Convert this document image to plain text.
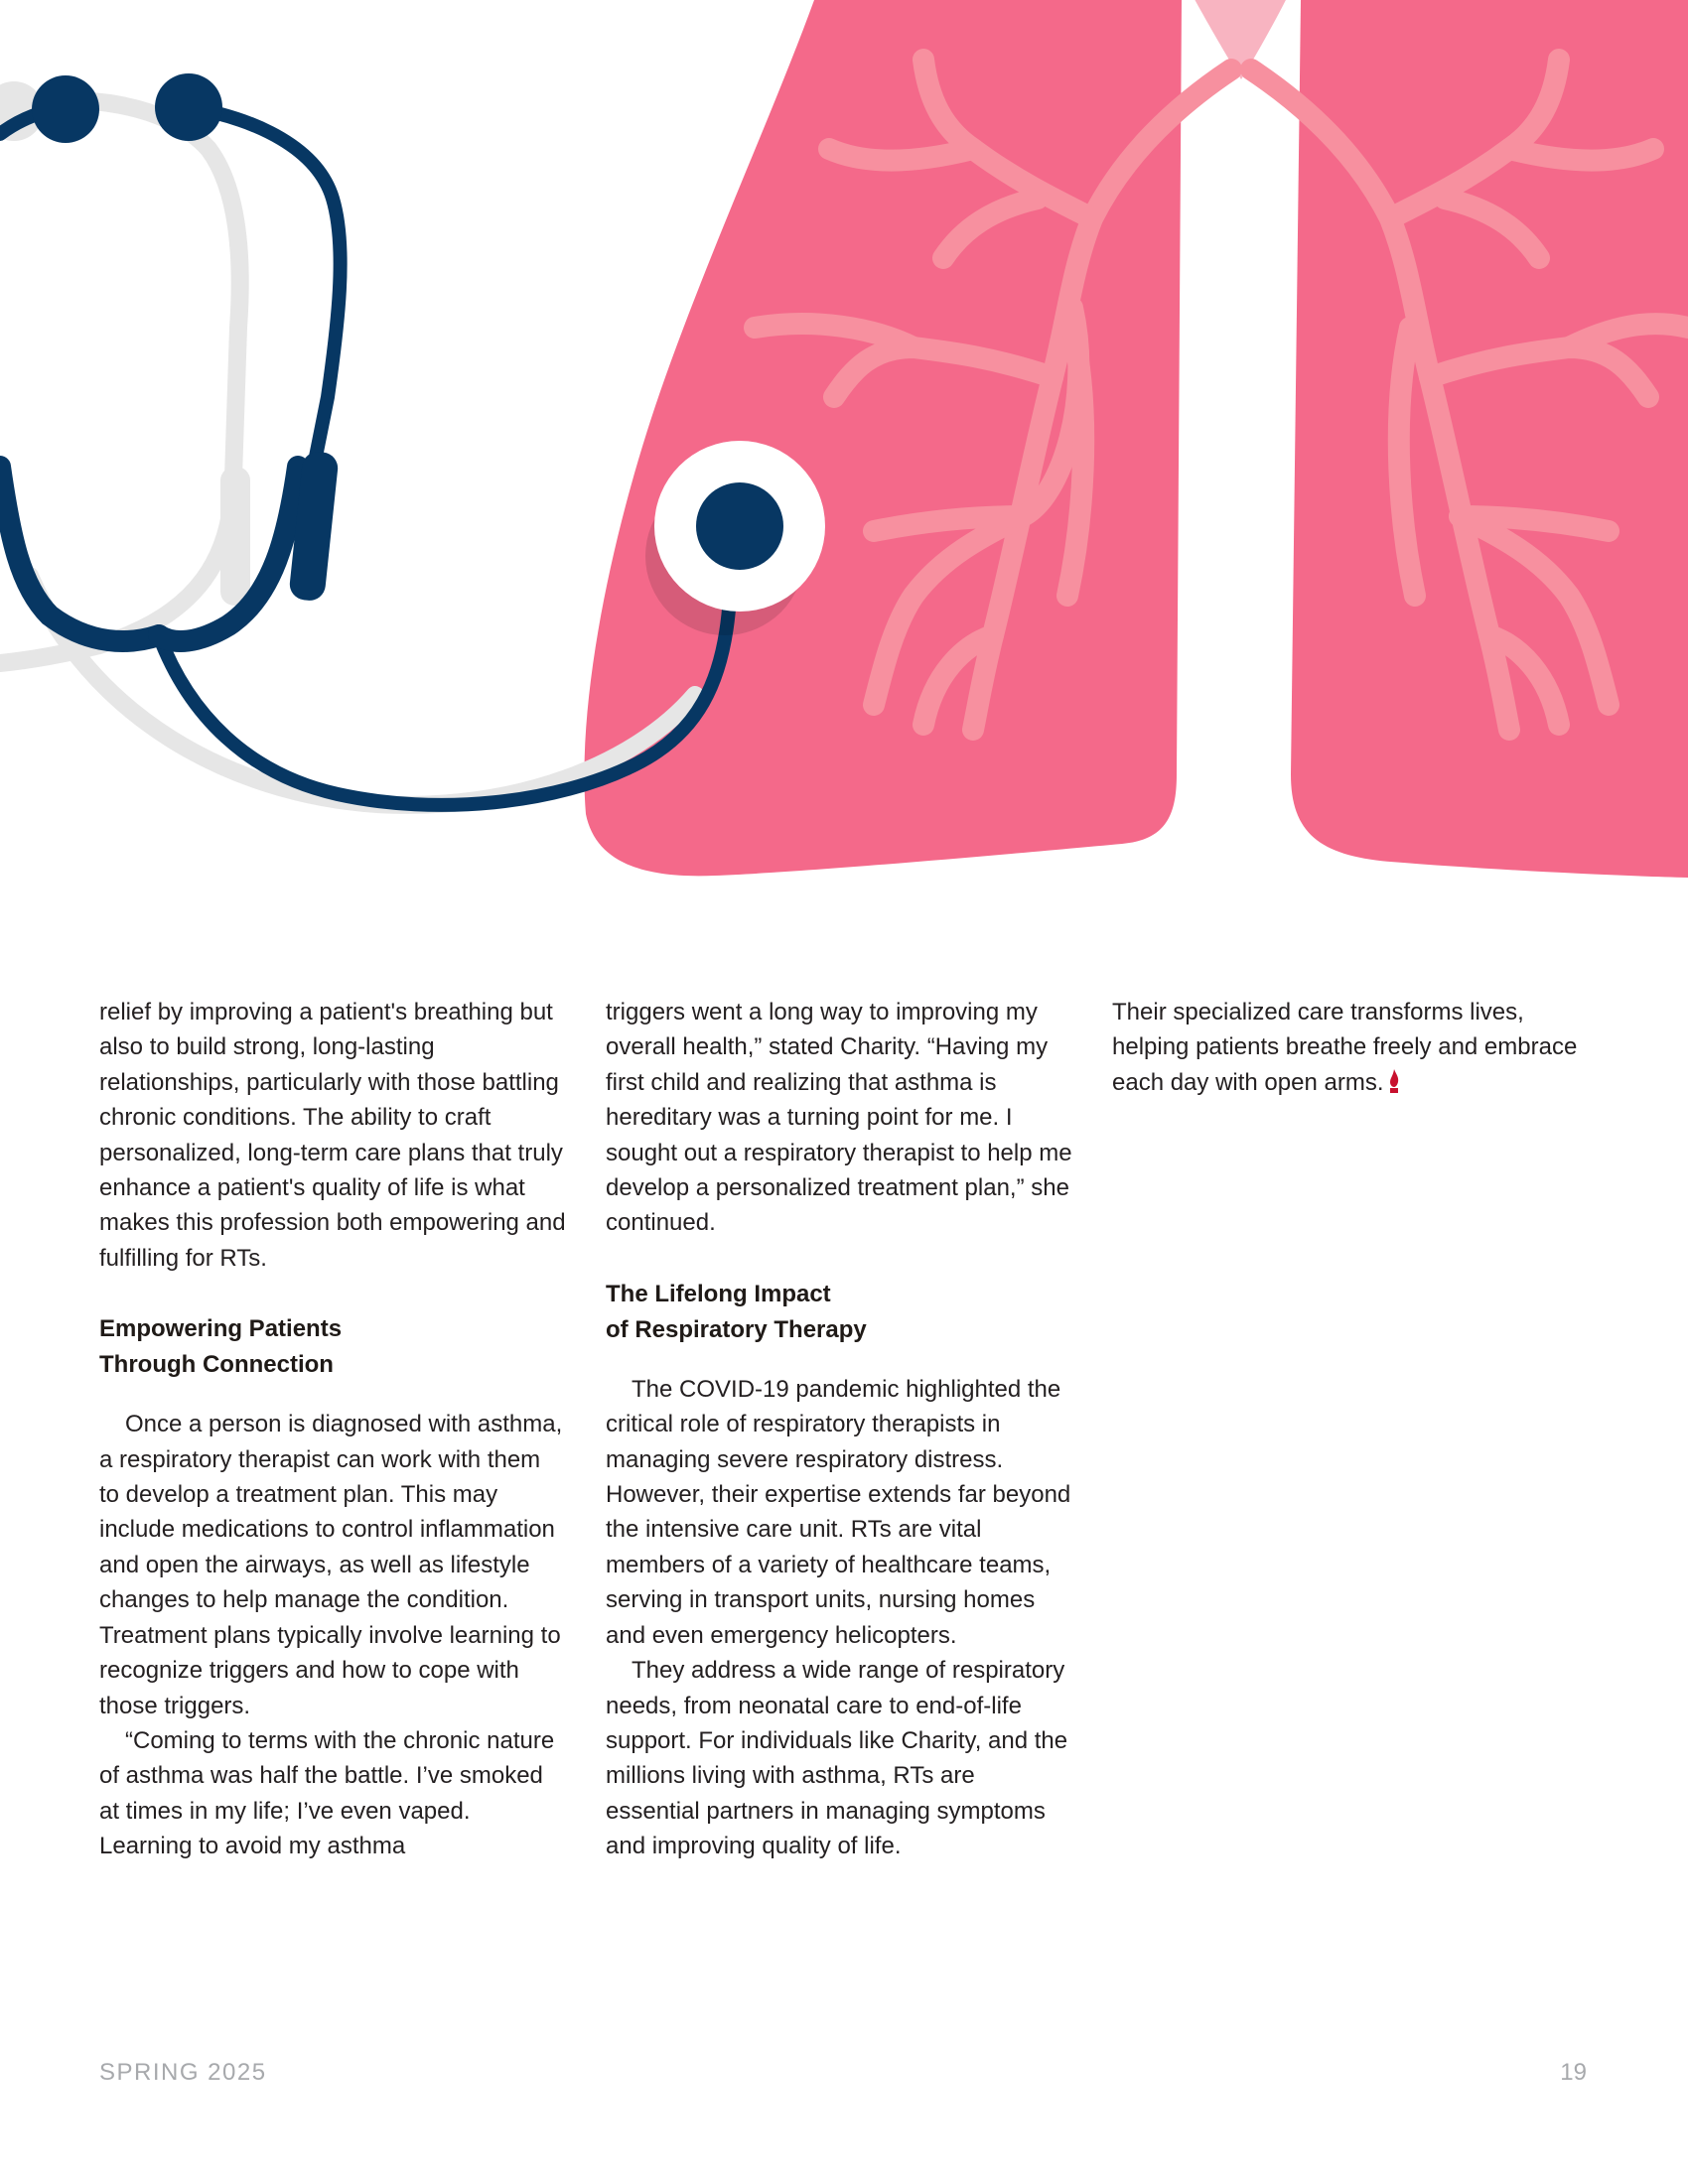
relief by improving a patient's breathing but also to build strong, long-lasting relationships, particularly with those battling chronic conditions. The ability to craft personalized, long-term care plans that truly enhance a patient's quality of life is what makes this profession both empowering and fulfilling for RTs.

Empowering Patients
Through Connection

Once a person is diagnosed with asthma, a respiratory therapist can work with them to develop a treatment plan. This may include medications to control inflammation and open the airways, as well as lifestyle changes to help manage the condition. Treatment plans typically involve learning to recognize triggers and how to cope with those triggers.

“Coming to terms with the chronic nature of asthma was half the battle. I’ve smoked at times in my life; I’ve even vaped. Learning to avoid my asthma

triggers went a long way to improving my overall health,” stated Charity. “Having my first child and realizing that asthma is hereditary was a turning point for me. I sought out a respiratory therapist to help me develop a personalized treatment plan,” she continued.

The Lifelong Impact
of Respiratory Therapy

The COVID-19 pandemic highlighted the critical role of respiratory therapists in managing severe respiratory distress. However, their expertise extends far beyond the intensive care unit. RTs are vital members of a variety of healthcare teams, serving in transport units, nursing homes and even emergency helicopters.

They address a wide range of respiratory needs, from neonatal care to end-of-life support. For individuals like Charity, and the millions living with asthma, RTs are essential partners in managing symptoms and improving quality of life.

Their specialized care transforms lives, helping patients breathe freely and embrace each day with open arms.

SPRING 2025	19
